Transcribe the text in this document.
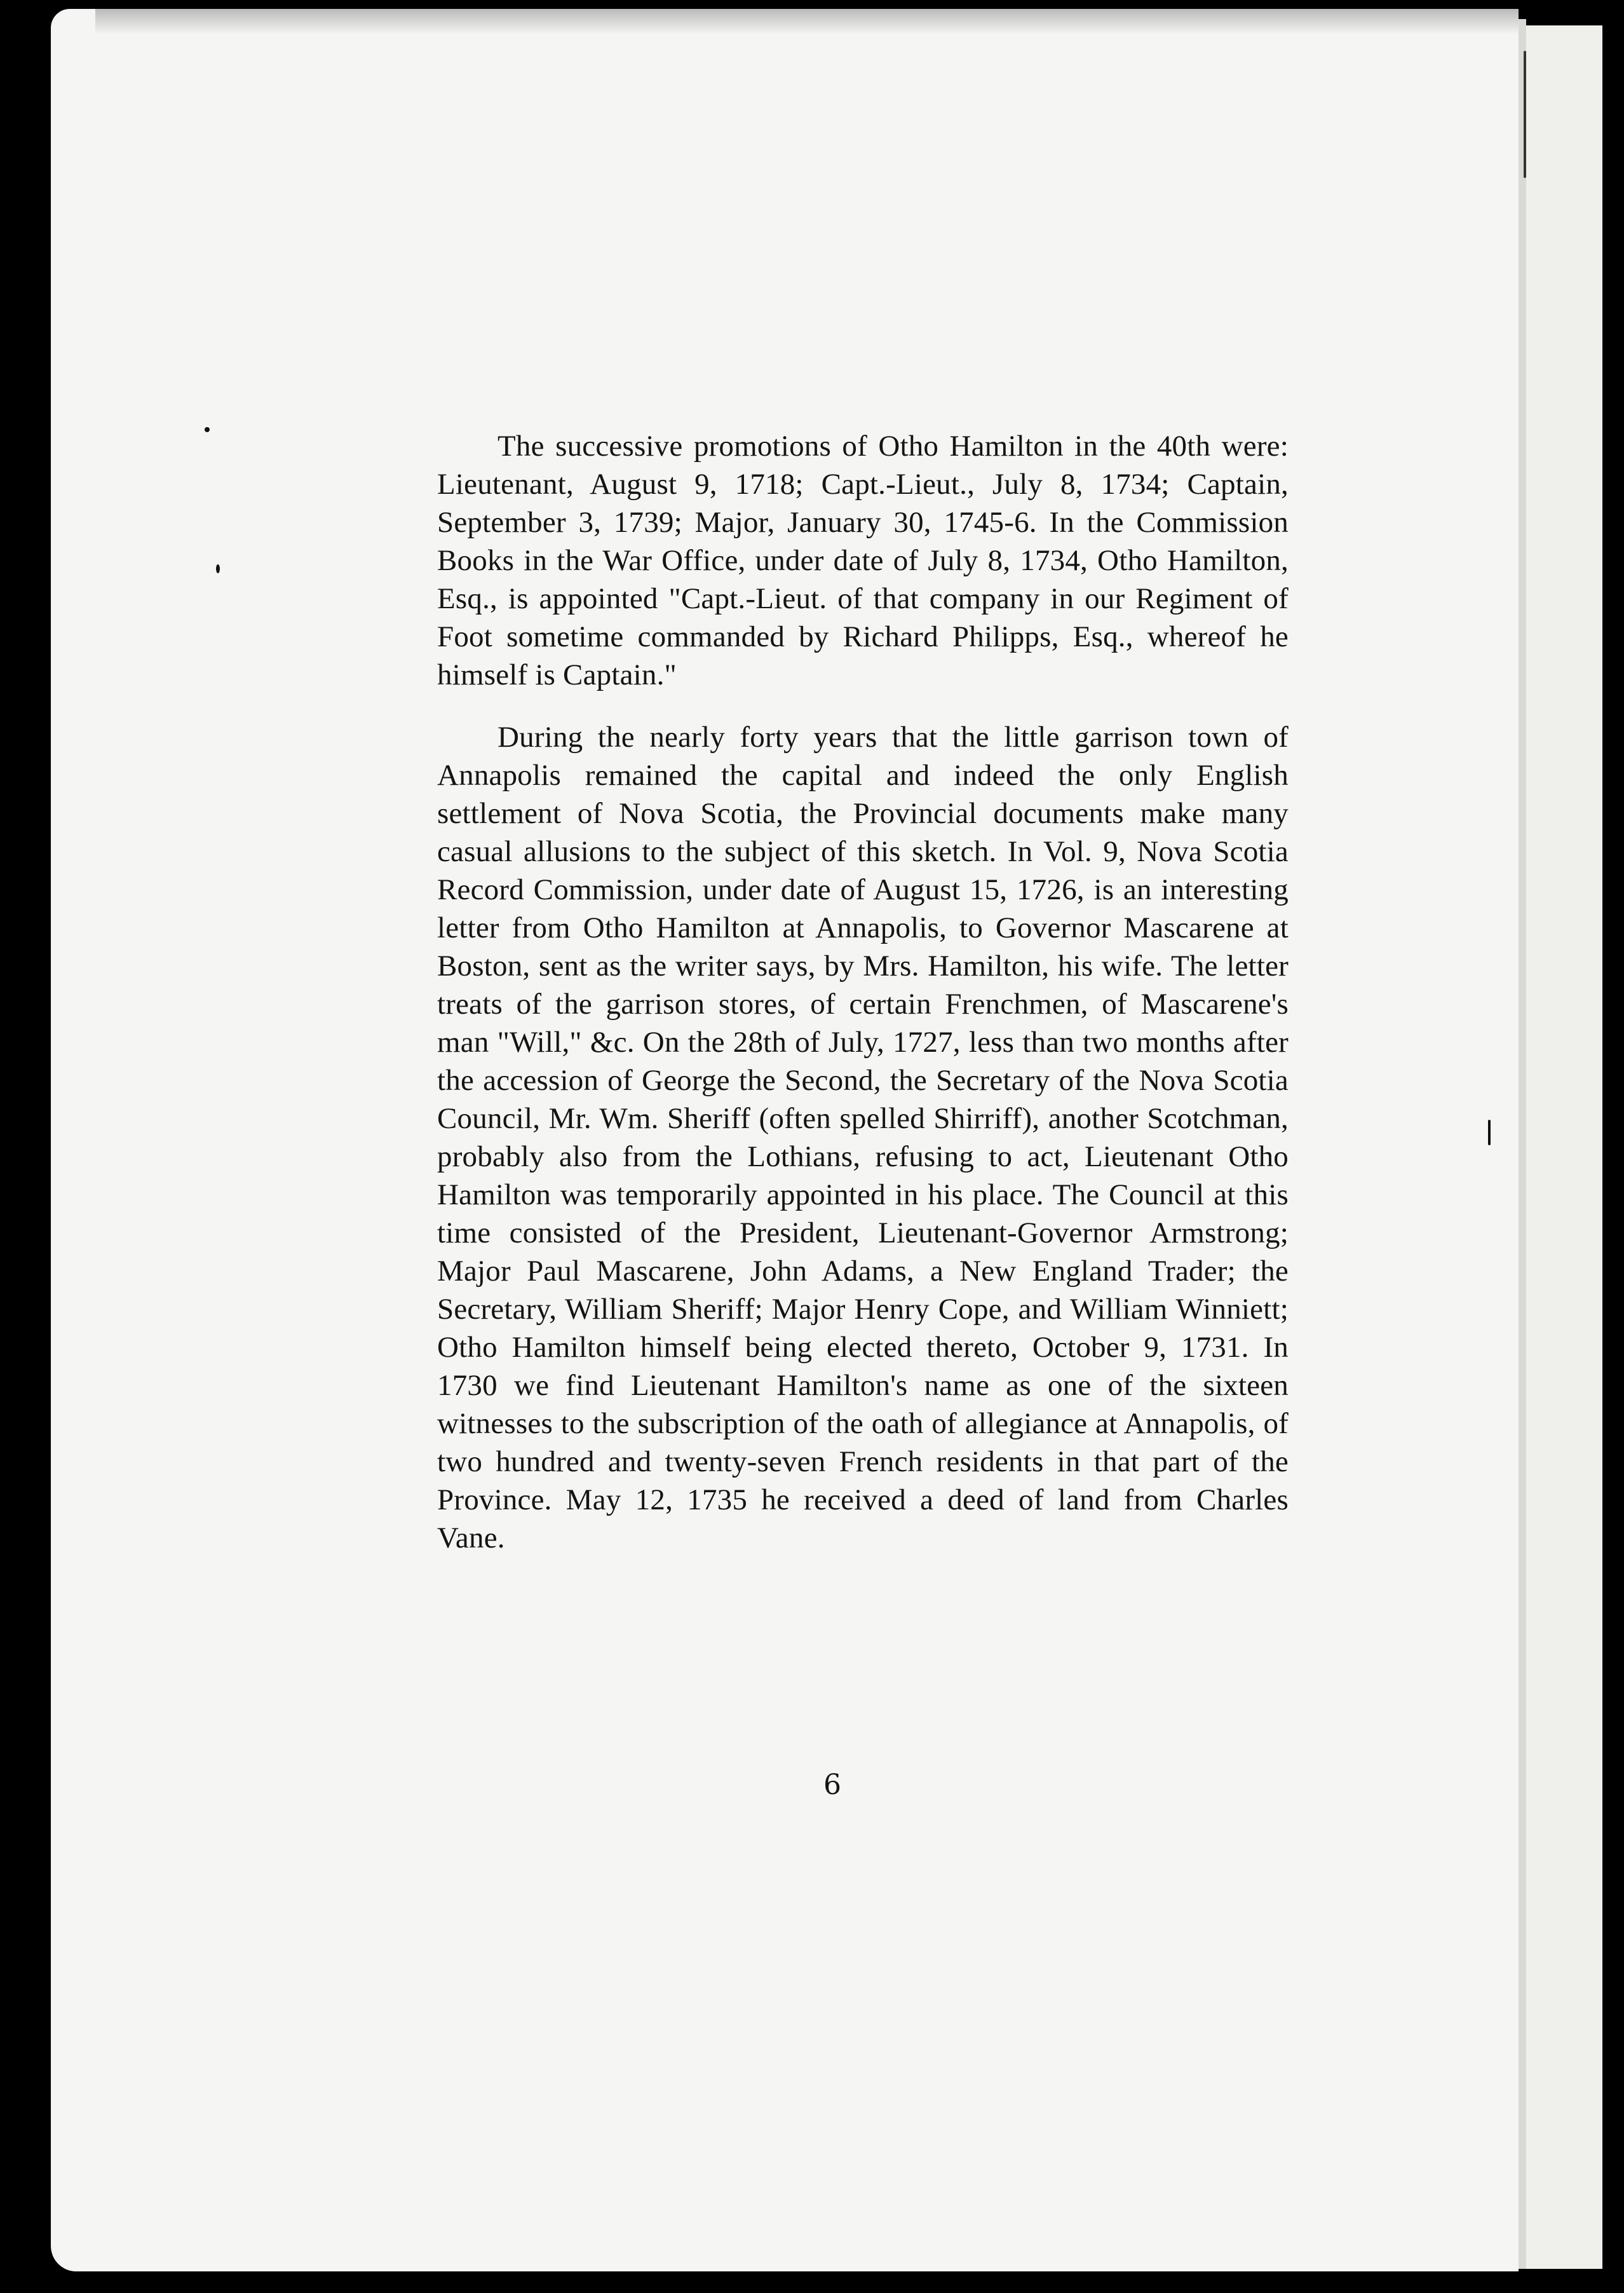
The successive promotions of Otho Hamilton in the 40th were: Lieutenant, August 9, 1718; Capt.-Lieut., July 8, 1734; Captain, September 3, 1739; Major, January 30, 1745-6. In the Commission Books in the War Office, under date of July 8, 1734, Otho Hamilton, Esq., is appointed "Capt.-Lieut. of that company in our Regiment of Foot sometime commanded by Richard Philipps, Esq., whereof he himself is Captain."

During the nearly forty years that the little garrison town of Annapolis remained the capital and indeed the only English settlement of Nova Scotia, the Provincial documents make many casual allusions to the subject of this sketch. In Vol. 9, Nova Scotia Record Commission, under date of August 15, 1726, is an interesting letter from Otho Hamilton at Annapolis, to Governor Mascarene at Boston, sent as the writer says, by Mrs. Hamilton, his wife. The letter treats of the garrison stores, of certain Frenchmen, of Mascarene's man "Will," &c. On the 28th of July, 1727, less than two months after the accession of George the Second, the Secretary of the Nova Scotia Council, Mr. Wm. Sheriff (often spelled Shirriff), another Scotchman, probably also from the Lothians, refusing to act, Lieutenant Otho Hamilton was temporarily appointed in his place. The Council at this time consisted of the President, Lieutenant-Governor Armstrong; Major Paul Mascarene, John Adams, a New England Trader; the Secretary, William Sheriff; Major Henry Cope, and William Winniett; Otho Hamilton himself being elected thereto, October 9, 1731. In 1730 we find Lieutenant Hamilton's name as one of the sixteen witnesses to the subscription of the oath of allegiance at Annapolis, of two hundred and twenty-seven French residents in that part of the Province. May 12, 1735 he received a deed of land from Charles Vane.

6
